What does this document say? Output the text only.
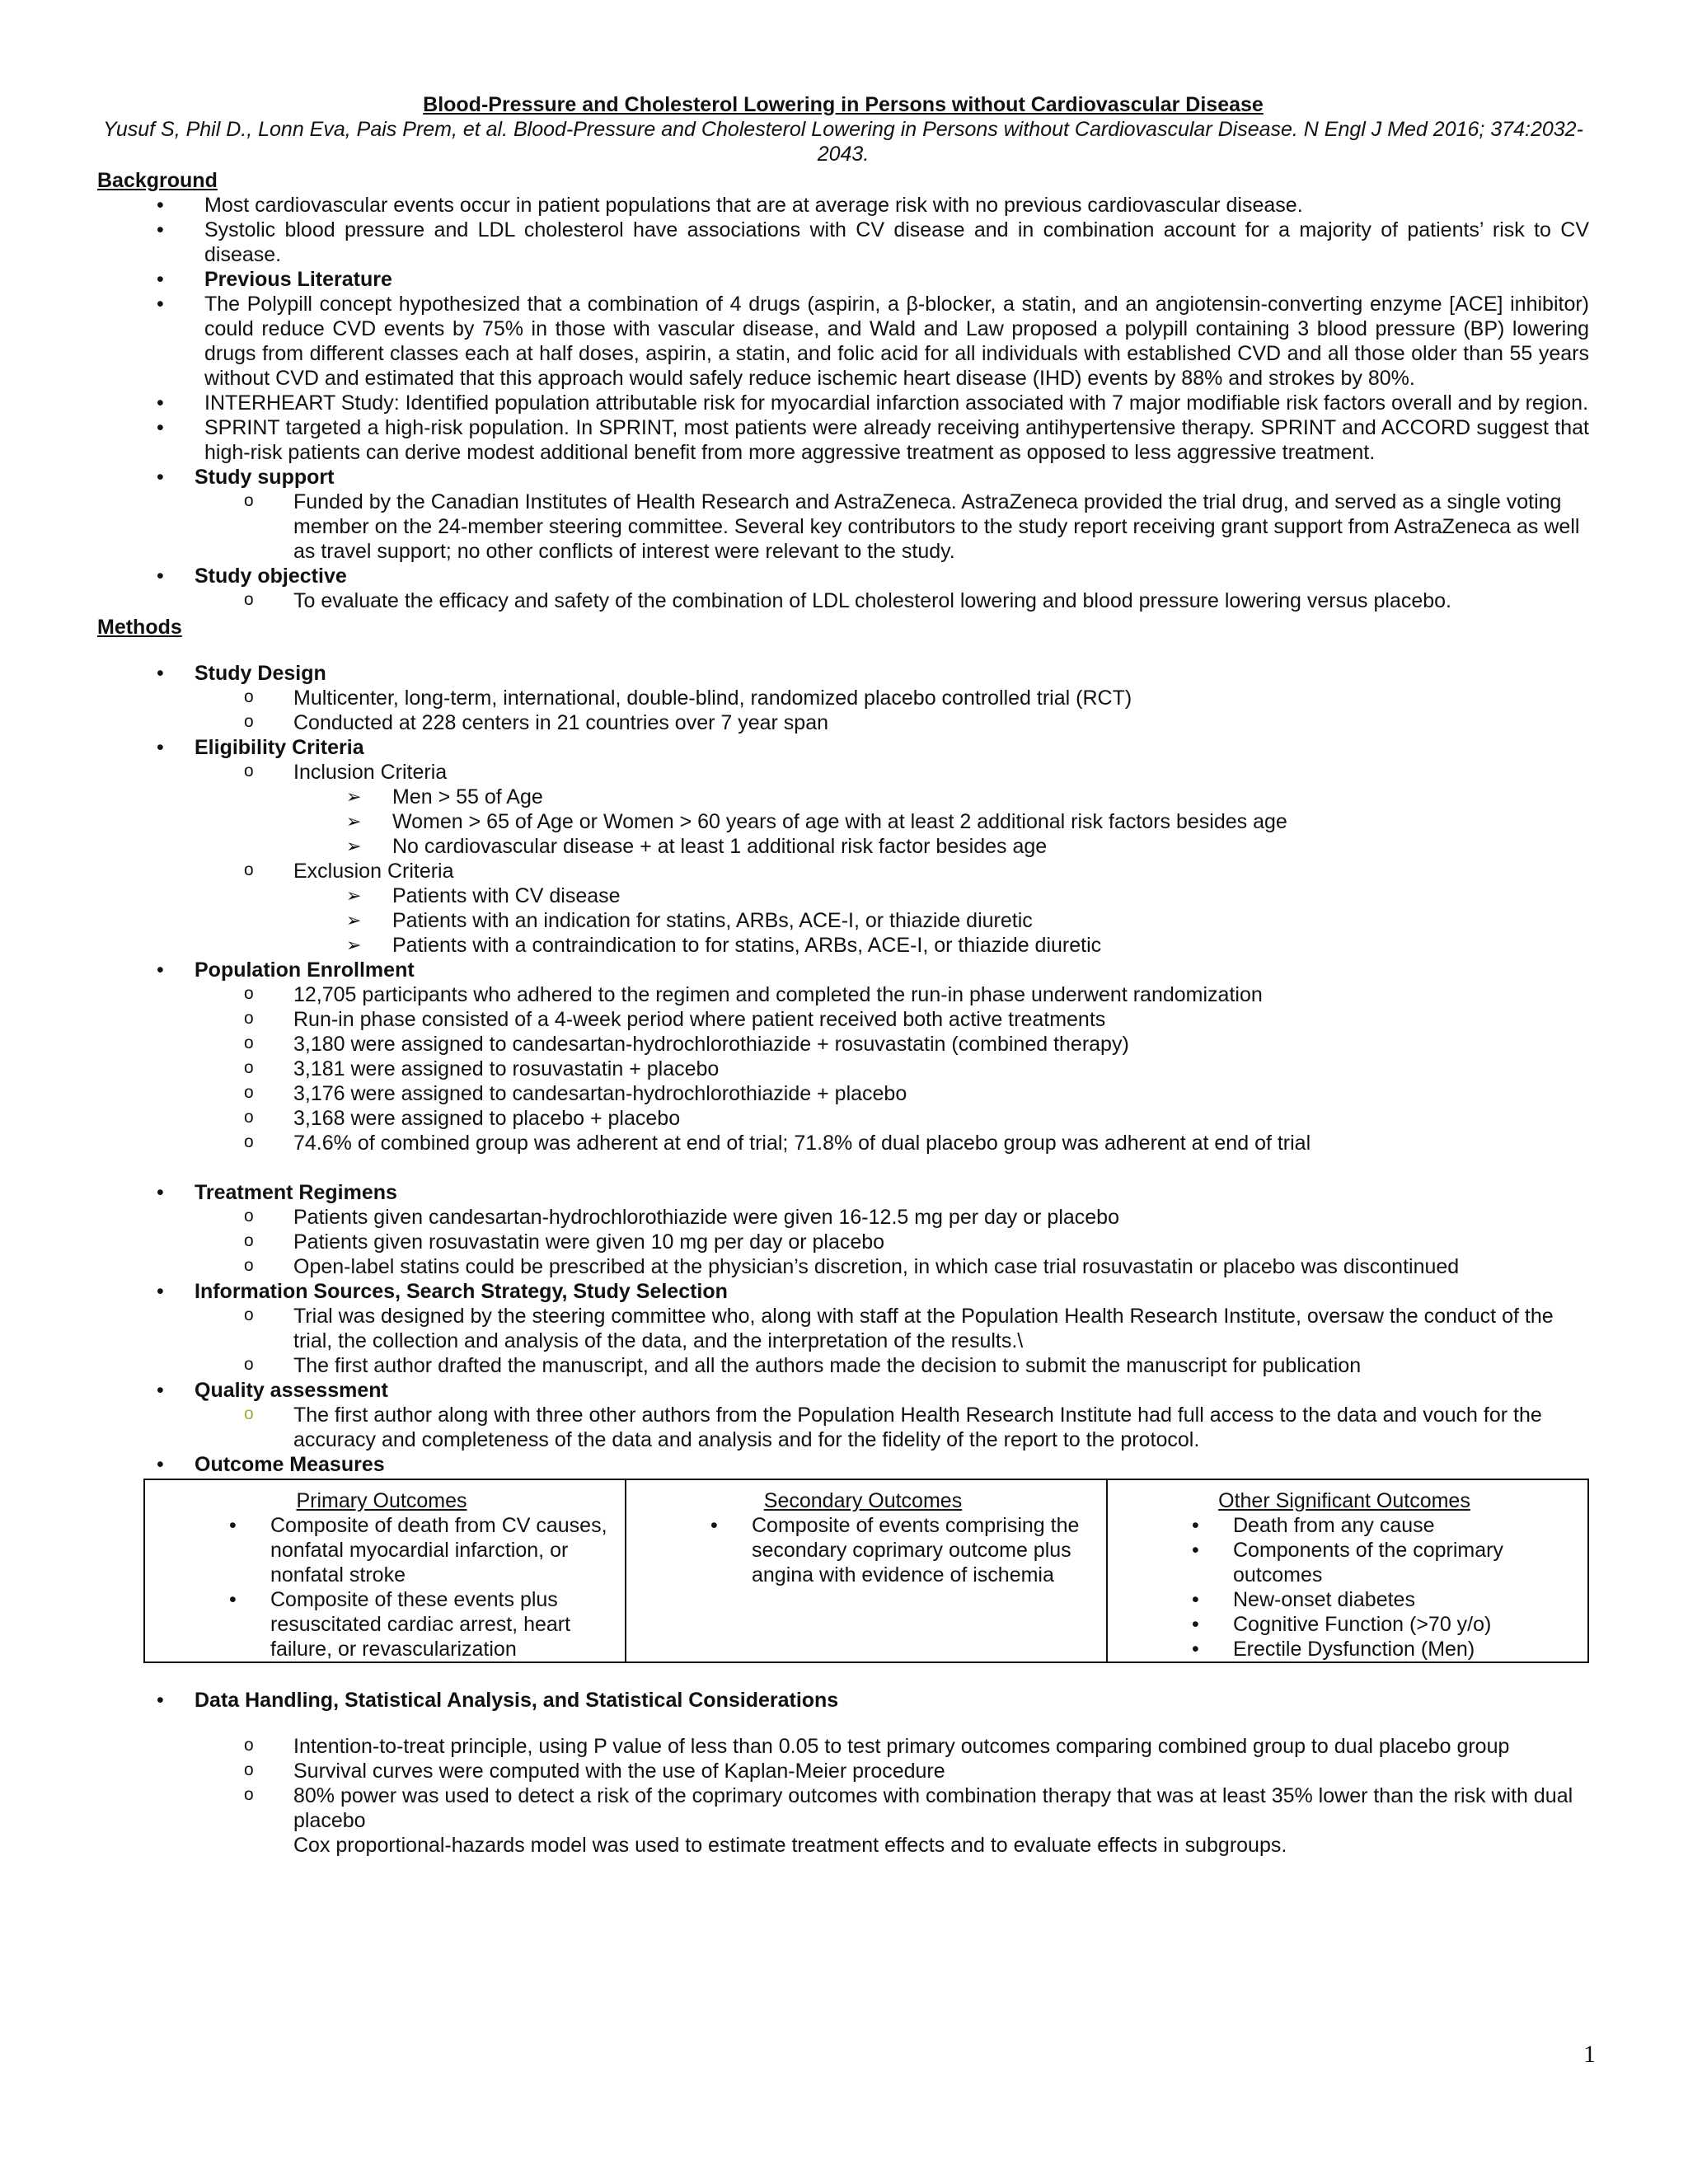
Blood-Pressure and Cholesterol Lowering in Persons without Cardiovascular Disease
Yusuf S, Phil D., Lonn Eva, Pais Prem, et al. Blood-Pressure and Cholesterol Lowering in Persons without Cardiovascular Disease. N Engl J Med 2016; 374:2032-2043.
Background
• Most cardiovascular events occur in patient populations that are at average risk with no previous cardiovascular disease.
• Systolic blood pressure and LDL cholesterol have associations with CV disease and in combination account for a majority of patients’ risk to CV disease.
• Previous Literature
• The Polypill concept hypothesized that a combination of 4 drugs (aspirin, a β-blocker, a statin, and an angiotensin-converting enzyme [ACE] inhibitor) could reduce CVD events by 75% in those with vascular disease, and Wald and Law proposed a polypill containing 3 blood pressure (BP) lowering drugs from different classes each at half doses, aspirin, a statin, and folic acid for all individuals with established CVD and all those older than 55 years without CVD and estimated that this approach would safely reduce ischemic heart disease (IHD) events by 88% and strokes by 80%.
• INTERHEART Study: Identified population attributable risk for myocardial infarction associated with 7 major modifiable risk factors overall and by region.
• SPRINT targeted a high-risk population. In SPRINT, most patients were already receiving antihypertensive therapy. SPRINT and ACCORD suggest that high-risk patients can derive modest additional benefit from more aggressive treatment as opposed to less aggressive treatment.
• Study support
o Funded by the Canadian Institutes of Health Research and AstraZeneca. AstraZeneca provided the trial drug, and served as a single voting member on the 24-member steering committee. Several key contributors to the study report receiving grant support from AstraZeneca as well as travel support; no other conflicts of interest were relevant to the study.
• Study objective
o To evaluate the efficacy and safety of the combination of LDL cholesterol lowering and blood pressure lowering versus placebo.
Methods
• Study Design
o Multicenter, long-term, international, double-blind, randomized placebo controlled trial (RCT)
o Conducted at 228 centers in 21 countries over 7 year span
• Eligibility Criteria
o Inclusion Criteria
➢ Men > 55 of Age
➢ Women > 65 of Age or Women > 60 years of age with at least 2 additional risk factors besides age
➢ No cardiovascular disease + at least 1 additional risk factor besides age
o Exclusion Criteria
➢ Patients with CV disease
➢ Patients with an indication for statins, ARBs, ACE-I, or thiazide diuretic
➢ Patients with a contraindication to for statins, ARBs, ACE-I, or thiazide diuretic
• Population Enrollment
o 12,705 participants who adhered to the regimen and completed the run-in phase underwent randomization
o Run-in phase consisted of a 4-week period where patient received both active treatments
o 3,180 were assigned to candesartan-hydrochlorothiazide + rosuvastatin (combined therapy)
o 3,181 were assigned to rosuvastatin + placebo
o 3,176 were assigned to candesartan-hydrochlorothiazide + placebo
o 3,168 were assigned to placebo + placebo
o 74.6% of combined group was adherent at end of trial; 71.8% of dual placebo group was adherent at end of trial
• Treatment Regimens
o Patients given candesartan-hydrochlorothiazide were given 16-12.5 mg per day or placebo
o Patients given rosuvastatin were given 10 mg per day or placebo
o Open-label statins could be prescribed at the physician’s discretion, in which case trial rosuvastatin or placebo was discontinued
• Information Sources, Search Strategy, Study Selection
o Trial was designed by the steering committee who, along with staff at the Population Health Research Institute, oversaw the conduct of the trial, the collection and analysis of the data, and the interpretation of the results.\
o The first author drafted the manuscript, and all the authors made the decision to submit the manuscript for publication
• Quality assessment
o The first author along with three other authors from the Population Health Research Institute had full access to the data and vouch for the accuracy and completeness of the data and analysis and for the fidelity of the report to the protocol.
• Outcome Measures
Primary Outcomes
• Composite of death from CV causes, nonfatal myocardial infarction, or nonfatal stroke
• Composite of these events plus resuscitated cardiac arrest, heart failure, or revascularization

Secondary Outcomes
• Composite of events comprising the secondary coprimary outcome plus angina with evidence of ischemia

Other Significant Outcomes
• Death from any cause
• Components of the coprimary outcomes
• New-onset diabetes
• Cognitive Function (>70 y/o)
• Erectile Dysfunction (Men)
• Data Handling, Statistical Analysis, and Statistical Considerations
o Intention-to-treat principle, using P value of less than 0.05 to test primary outcomes comparing combined group to dual placebo group
o Survival curves were computed with the use of Kaplan-Meier procedure
o 80% power was used to detect a risk of the coprimary outcomes with combination therapy that was at least 35% lower than the risk with dual placebo
Cox proportional-hazards model was used to estimate treatment effects and to evaluate effects in subgroups.
1
